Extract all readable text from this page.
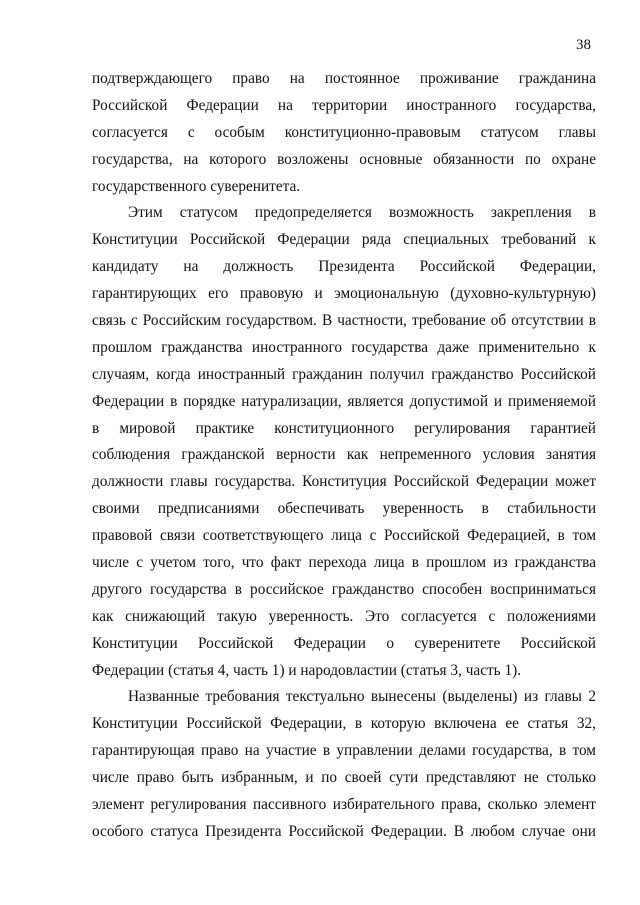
38
подтверждающего право на постоянное проживание гражданина
Российской Федерации на территории иностранного государства,
согласуется с особым конституционно-правовым статусом главы
государства, на которого возложены основные обязанности по охране
государственного суверенитета.
Этим статусом предопределяется возможность закрепления в
Конституции Российской Федерации ряда специальных требований к
кандидату на должность Президента Российской Федерации,
гарантирующих его правовую и эмоциональную (духовно-культурную)
связь с Российским государством. В частности, требование об отсутствии в
прошлом гражданства иностранного государства даже применительно к
случаям, когда иностранный гражданин получил гражданство Российской
Федерации в порядке натурализации, является допустимой и применяемой
в мировой практике конституционного регулирования гарантией
соблюдения гражданской верности как непременного условия занятия
должности главы государства. Конституция Российской Федерации может
своими предписаниями обеспечивать уверенность в стабильности
правовой связи соответствующего лица с Российской Федерацией, в том
числе с учетом того, что факт перехода лица в прошлом из гражданства
другого государства в российское гражданство способен восприниматься
как снижающий такую уверенность. Это согласуется с положениями
Конституции Российской Федерации о суверенитете Российской
Федерации (статья 4, часть 1) и народовластии (статья 3, часть 1).
Названные требования текстуально вынесены (выделены) из главы 2
Конституции Российской Федерации, в которую включена ее статья 32,
гарантирующая право на участие в управлении делами государства, в том
числе право быть избранным, и по своей сути представляют не столько
элемент регулирования пассивного избирательного права, сколько элемент
особого статуса Президента Российской Федерации. В любом случае они
